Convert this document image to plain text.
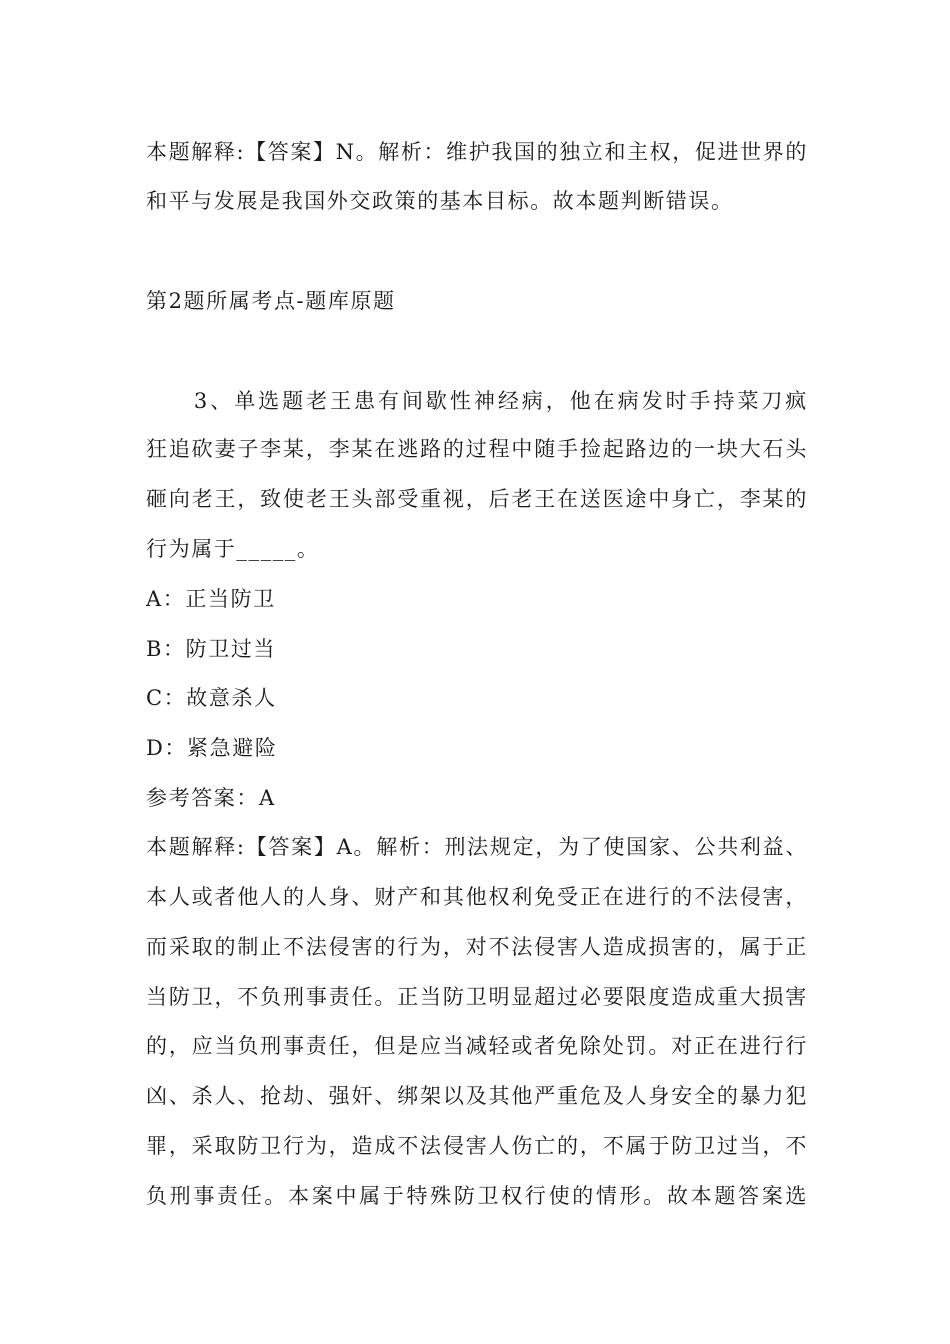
本题解释:【答案】N。解析：维护我国的独立和主权，促进世界的
和平与发展是我国外交政策的基本目标。故本题判断错误。
第2题所属考点-题库原题
　　3、单选题老王患有间歇性神经病，他在病发时手持菜刀疯
狂追砍妻子李某，李某在逃路的过程中随手捡起路边的一块大石头
砸向老王，致使老王头部受重视，后老王在送医途中身亡，李某的
行为属于_____。
A：正当防卫
B：防卫过当
C：故意杀人
D：紧急避险
参考答案：A
本题解释:【答案】A。解析：刑法规定，为了使国家、公共利益、
本人或者他人的人身、财产和其他权利免受正在进行的不法侵害，
而采取的制止不法侵害的行为，对不法侵害人造成损害的，属于正
当防卫，不负刑事责任。正当防卫明显超过必要限度造成重大损害
的，应当负刑事责任，但是应当减轻或者免除处罚。对正在进行行
凶、杀人、抢劫、强奸、绑架以及其他严重危及人身安全的暴力犯
罪，采取防卫行为，造成不法侵害人伤亡的，不属于防卫过当，不
负刑事责任。本案中属于特殊防卫权行使的情形。故本题答案选
